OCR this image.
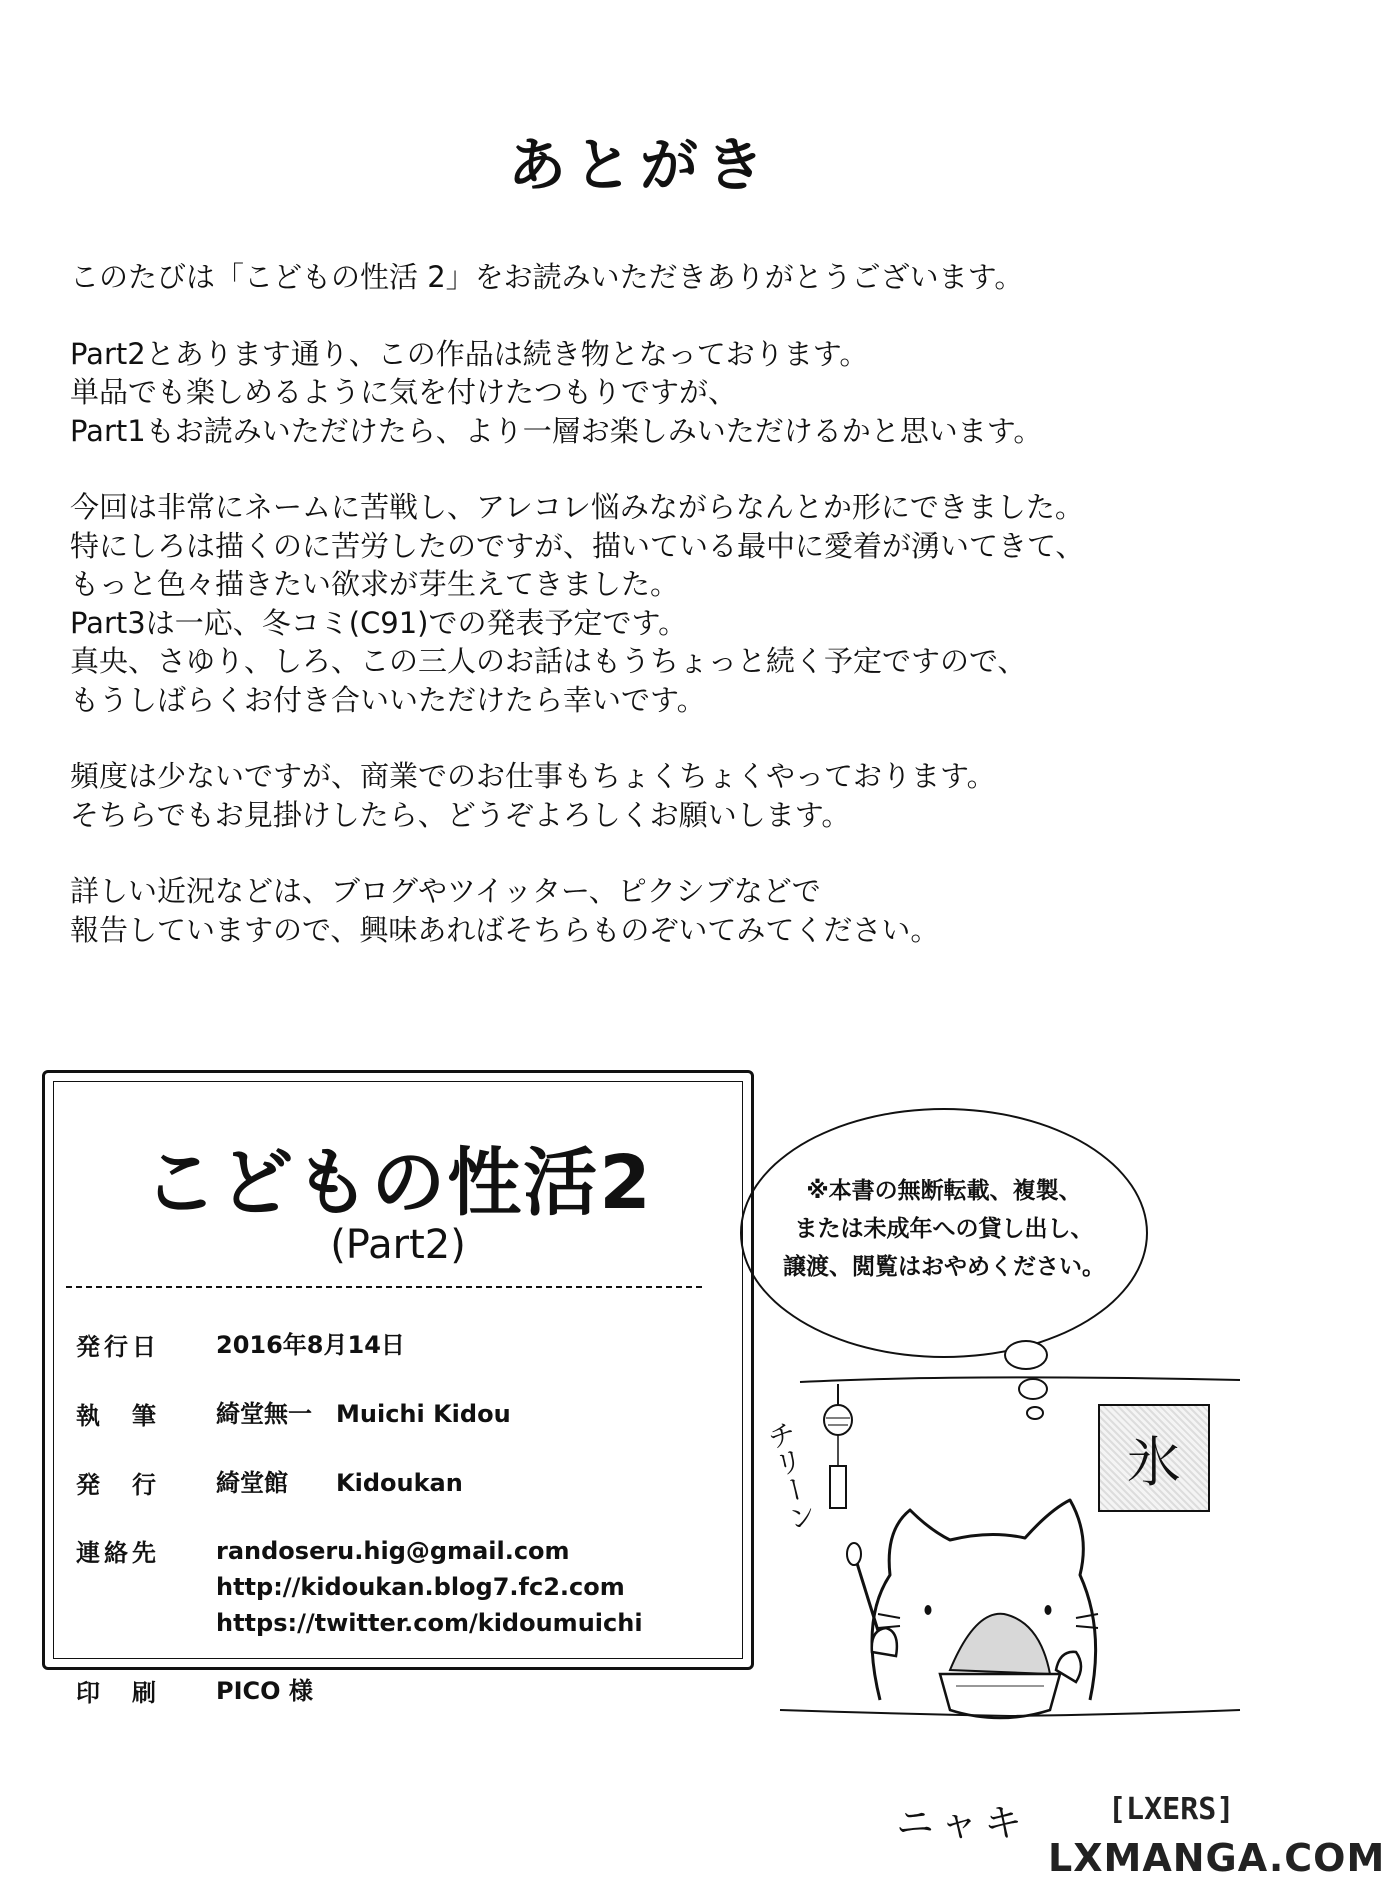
あとがき
このたびは「こどもの性活 2」をお読みいただきありがとうございます。
Part2とあります通り、この作品は続き物となっております。
単品でも楽しめるように気を付けたつもりですが、
Part1もお読みいただけたら、より一層お楽しみいただけるかと思います。
今回は非常にネームに苦戦し、アレコレ悩みながらなんとか形にできました。
特にしろは描くのに苦労したのですが、描いている最中に愛着が湧いてきて、
もっと色々描きたい欲求が芽生えてきました。
Part3は一応、冬コミ(C91)での発表予定です。
真央、さゆり、しろ、この三人のお話はもうちょっと続く予定ですので、
もうしばらくお付き合いいただけたら幸いです。
頻度は少ないですが、商業でのお仕事もちょくちょくやっております。
そちらでもお見掛けしたら、どうぞよろしくお願いします。
詳しい近況などは、ブログやツイッター、ピクシブなどで
報告していますので、興味あればそちらものぞいてみてください。
こどもの性活2
(Part2)
発行日	2016年8月14日
執　筆	綺堂無一　Muichi Kidou
発　行	綺堂館　　Kidoukan
連絡先	randoseru.hig@gmail.com
http://kidoukan.blog7.fc2.com
https://twitter.com/kidoumuichi
印　刷	PICO 様
※本書の無断転載、複製、
または未成年への貸し出し、
譲渡、閲覧はおやめください。
チリーン	氷
ニャキ	[LXERS]
LXMANGA.COM
